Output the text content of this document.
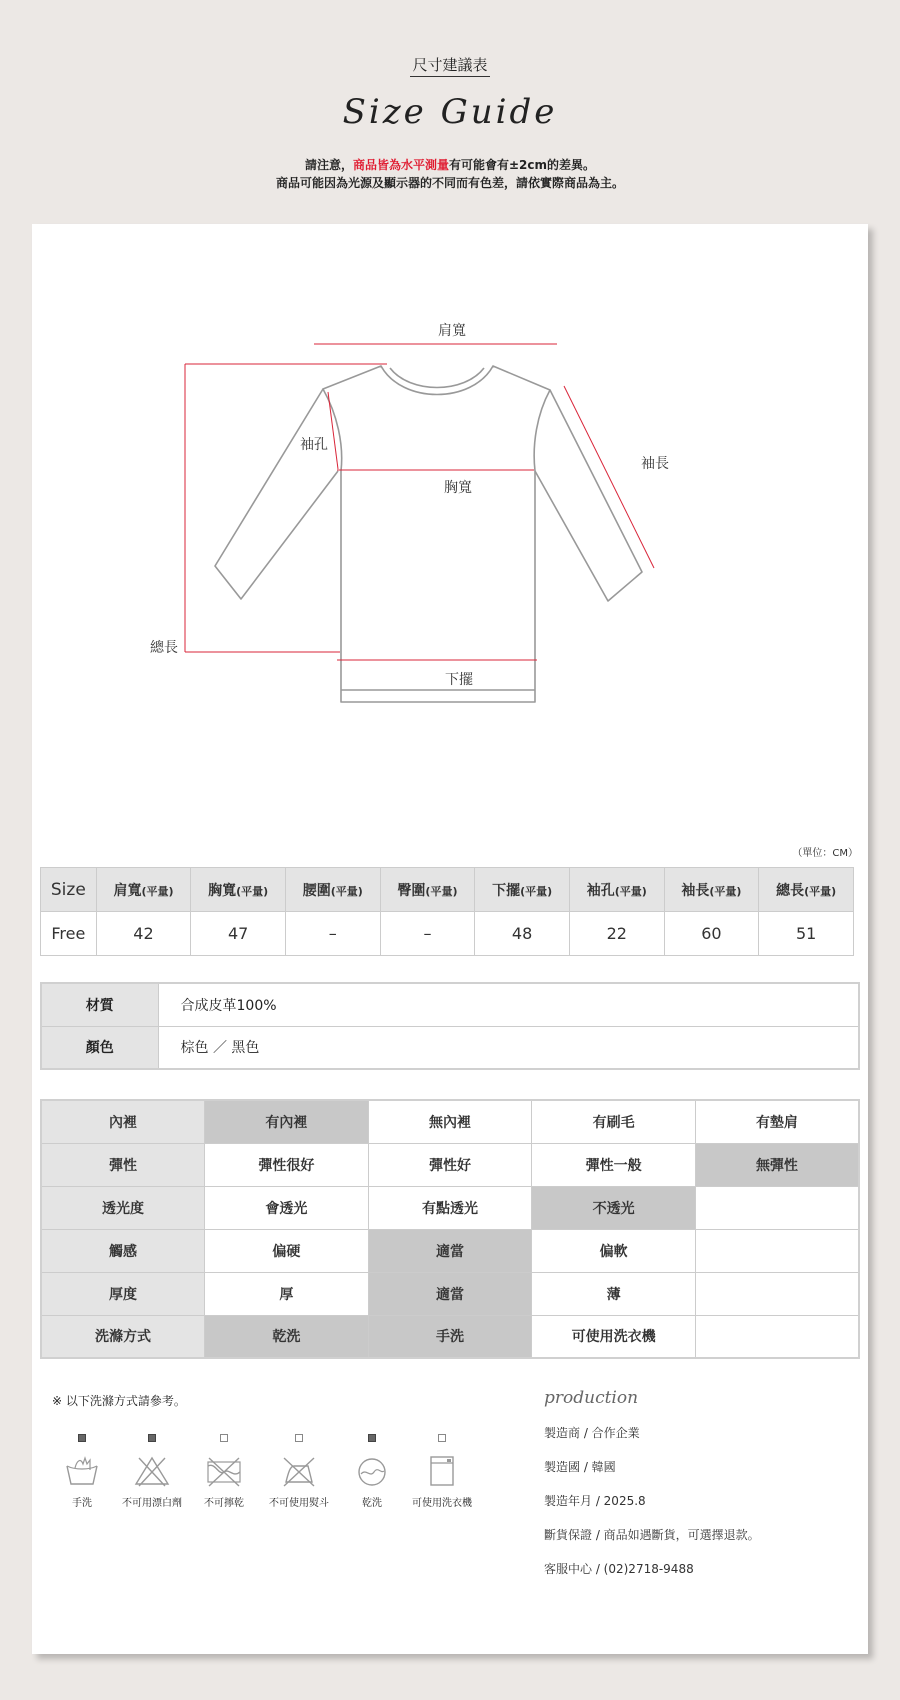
尺寸建議表
Size Guide
請注意，商品皆為水平測量有可能會有±2cm的差異。
商品可能因為光源及顯示器的不同而有色差，請依實際商品為主。
肩寬
袖孔
胸寬
袖長
總長
下擺
（單位：CM）
Size	肩寬(平量)	胸寬(平量)	腰圍(平量)	臀圍(平量)	下擺(平量)	袖孔(平量)	袖長(平量)	總長(平量)
Free	42	47	–	–	48	22	60	51
材質	合成皮革100%
顏色	棕色 ／ 黑色
內裡	有內裡	無內裡	有刷毛	有墊肩
彈性	彈性很好	彈性好	彈性一般	無彈性
透光度	會透光	有點透光	不透光	
觸感	偏硬	適當	偏軟	
厚度	厚	適當	薄	
洗滌方式	乾洗	手洗	可使用洗衣機	
※ 以下洗滌方式請參考。
手洗	不可用漂白劑	不可擰乾	不可使用熨斗	乾洗	可使用洗衣機
production
製造商 / 合作企業
製造國 / 韓國
製造年月 / 2025.8
斷貨保證 / 商品如遇斷貨，可選擇退款。
客服中心 / (02)2718-9488
